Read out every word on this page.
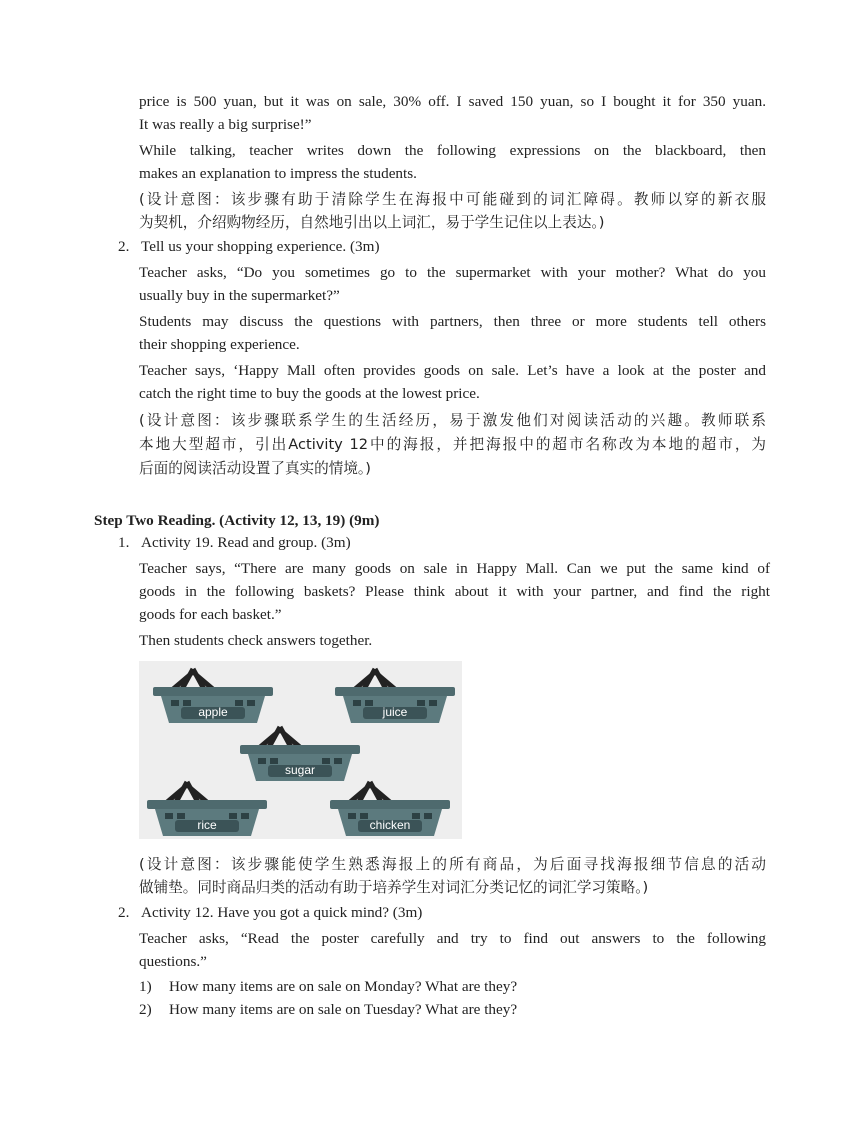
price is 500 yuan, but it was on sale, 30% off. I saved 150 yuan, so I bought it for 350 yuan.
It was really a big surprise!”
While talking, teacher writes down the following expressions on the blackboard, then
makes an explanation to impress the students.
(设计意图：该步骤有助于清除学生在海报中可能碰到的词汇障碍。教师以穿的新衣服
为契机，介绍购物经历，自然地引出以上词汇，易于学生记住以上表达。)
2. Tell us your shopping experience. (3m)
Teacher asks, “Do you sometimes go to the supermarket with your mother? What do you
usually buy in the supermarket?”
Students may discuss the questions with partners, then three or more students tell others
their shopping experience.
Teacher says, ‘Happy Mall often provides goods on sale. Let’s have a look at the poster and
catch the right time to buy the goods at the lowest price.
(设计意图：该步骤联系学生的生活经历，易于激发他们对阅读活动的兴趣。教师联系
本地大型超市，引出Activity 12中的海报，并把海报中的超市名称改为本地的超市，为
后面的阅读活动设置了真实的情境。)
Step Two Reading. (Activity 12, 13, 19) (9m)
1. Activity 19. Read and group. (3m)
Teacher says, “There are many goods on sale in Happy Mall. Can we put the same kind of
goods in the following baskets? Please think about it with your partner, and find the right
goods for each basket.”
Then students check answers together.
apple	juice
sugar
rice	chicken
(设计意图：该步骤能使学生熟悉海报上的所有商品，为后面寻找海报细节信息的活动
做铺垫。同时商品归类的活动有助于培养学生对词汇分类记忆的词汇学习策略。)
2. Activity 12. Have you got a quick mind? (3m)
Teacher asks, “Read the poster carefully and try to find out answers to the following
questions.”
1) How many items are on sale on Monday? What are they?
2) How many items are on sale on Tuesday? What are they?
